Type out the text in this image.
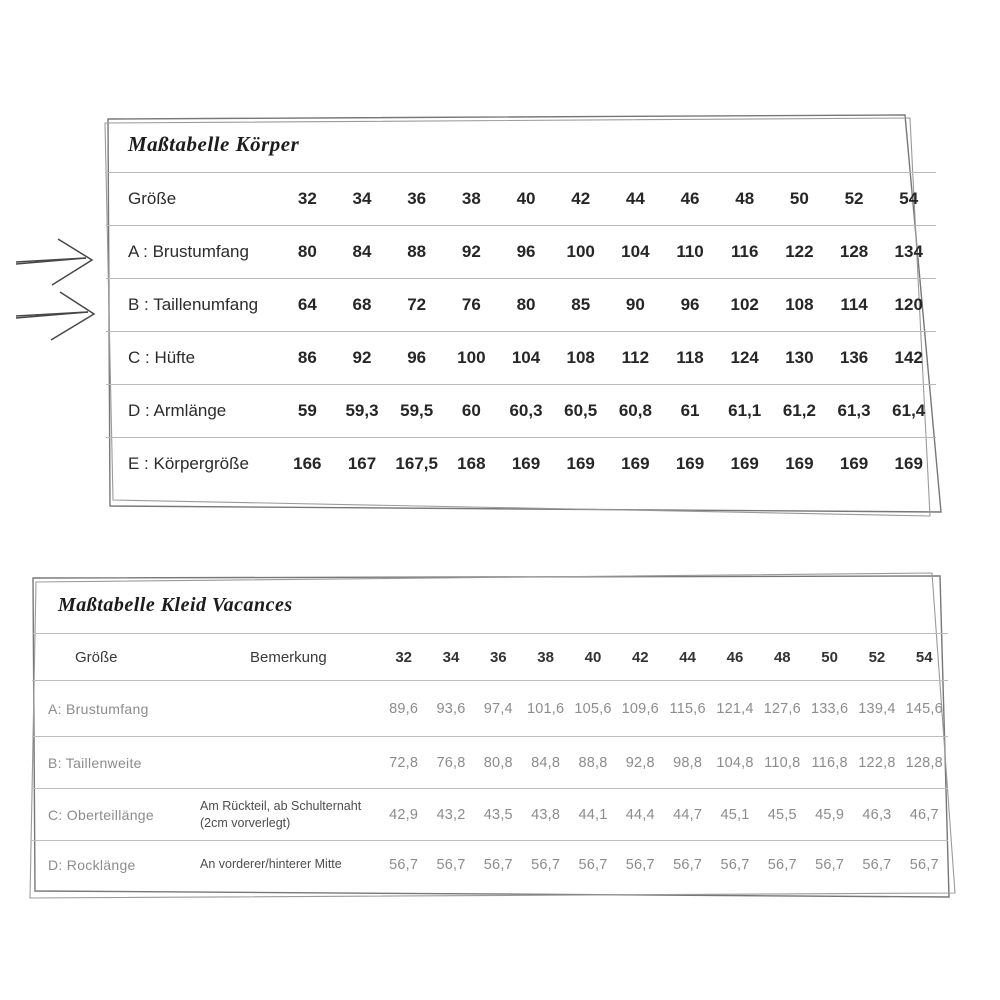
Maßtabelle Körper
Größe	32	34	36	38	40	42	44	46	48	50	52	54
A : Brustumfang	80	84	88	92	96	100	104	110	116	122	128	134
B : Taillenumfang	64	68	72	76	80	85	90	96	102	108	114	120
C : Hüfte	86	92	96	100	104	108	112	118	124	130	136	142
D : Armlänge	59	59,3	59,5	60	60,3	60,5	60,8	61	61,1	61,2	61,3	61,4
E : Körpergröße	166	167	167,5	168	169	169	169	169	169	169	169	169
Maßtabelle Kleid Vacances
Größe	Bemerkung	32	34	36	38	40	42	44	46	48	50	52	54
A: Brustumfang	89,6	93,6	97,4 101,6 105,6 109,6 115,6 121,4 127,6 133,6 139,4 145,6
B: Taillenweite	72,8	76,8	80,8	84,8	88,8	92,8	98,8 104,8 110,8 116,8 122,8 128,8
C: Oberteillänge
Am Rückteil, ab Schulternaht (2cm vorverlegt)	42,9	43,2	43,5	43,8	44,1	44,4	44,7	45,1	45,5	45,9	46,3	46,7
D: Rocklänge	An vorderer/hinterer Mitte	56,7	56,7	56,7	56,7	56,7	56,7	56,7	56,7	56,7	56,7	56,7	56,7
